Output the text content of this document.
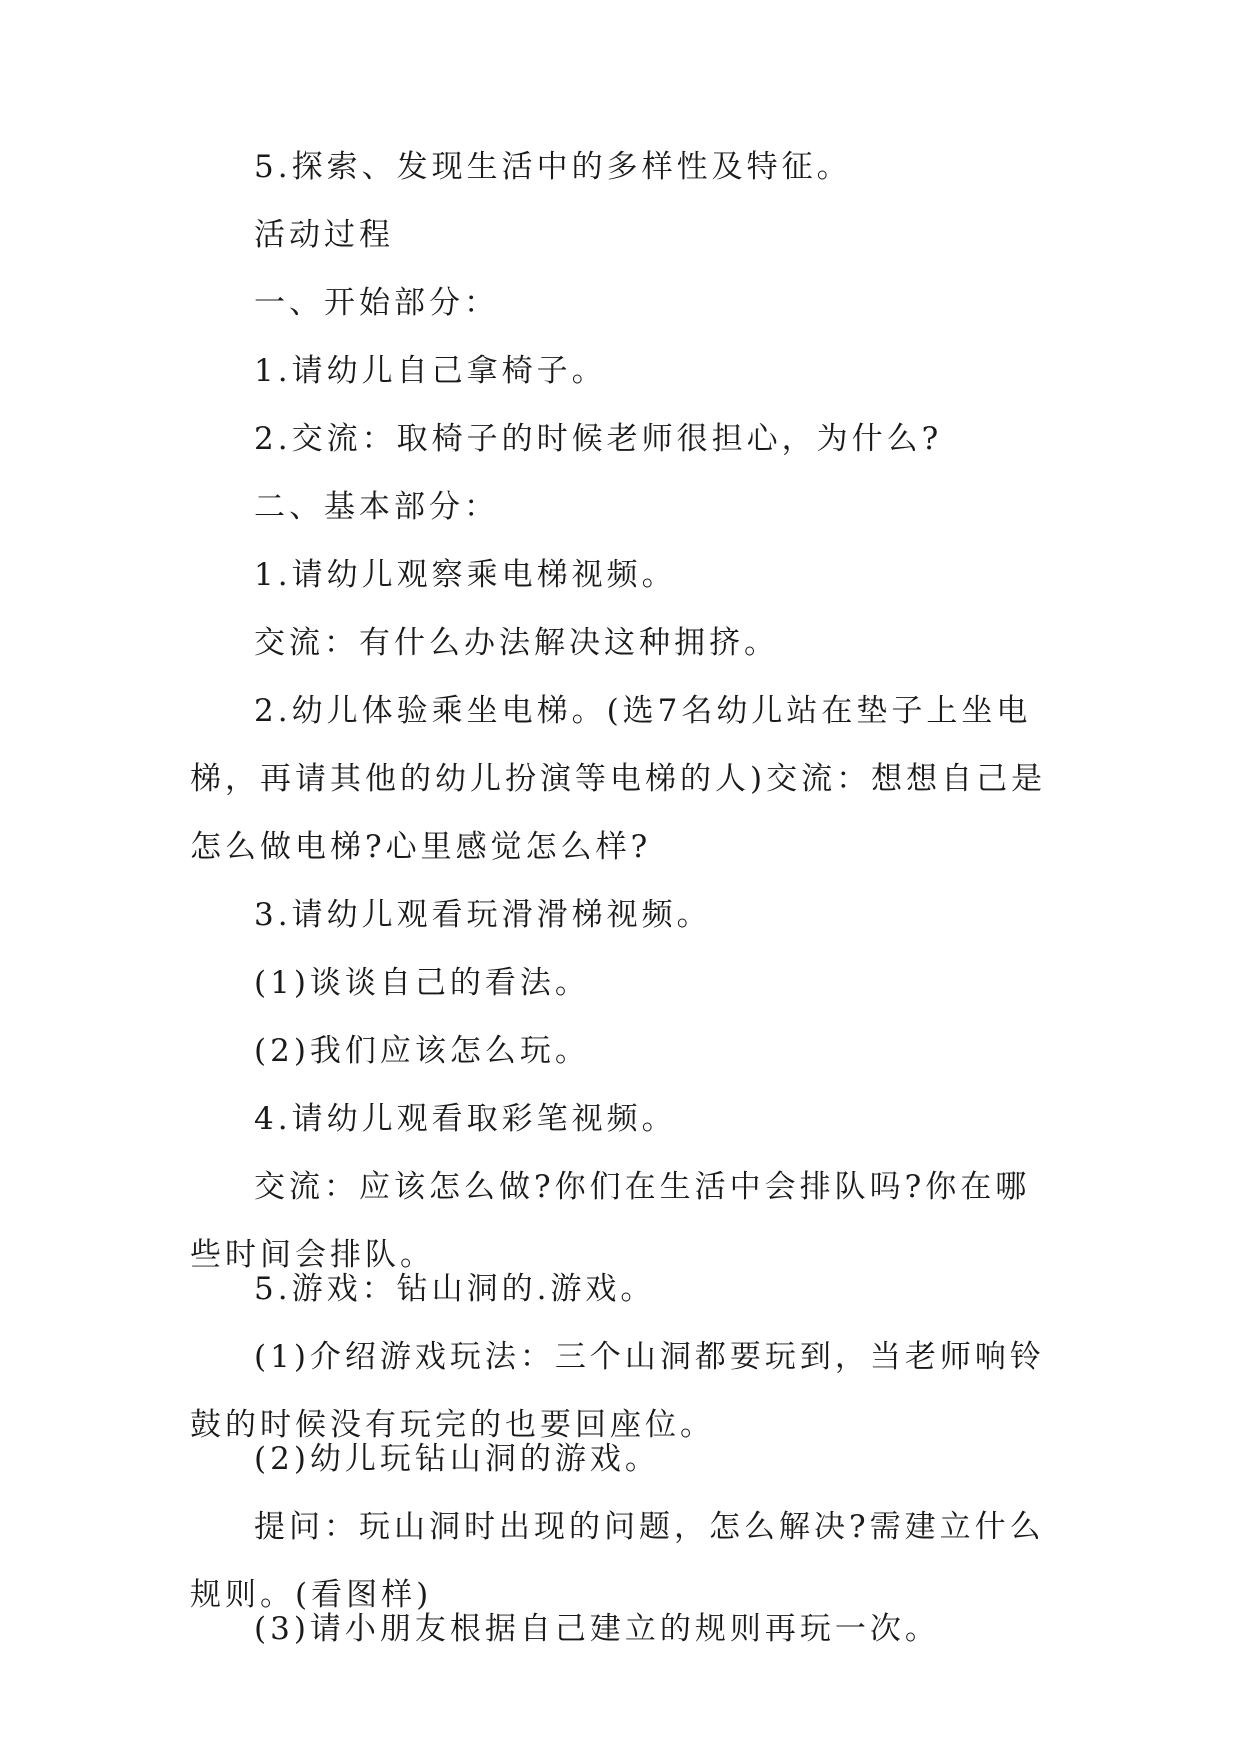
5.探索、发现生活中的多样性及特征。

活动过程

一、开始部分：

1.请幼儿自己拿椅子。

2.交流：取椅子的时候老师很担心，为什么?

二、基本部分：

1.请幼儿观察乘电梯视频。

交流：有什么办法解决这种拥挤。

2.幼儿体验乘坐电梯。(选7名幼儿站在垫子上坐电梯，再请其他的幼儿扮演等电梯的人)交流：想想自己是怎么做电梯?心里感觉怎么样?

3.请幼儿观看玩滑滑梯视频。

(1)谈谈自己的看法。

(2)我们应该怎么玩。

4.请幼儿观看取彩笔视频。

交流：应该怎么做?你们在生活中会排队吗?你在哪些时间会排队。

5.游戏：钻山洞的.游戏。

(1)介绍游戏玩法：三个山洞都要玩到，当老师响铃鼓的时候没有玩完的也要回座位。

(2)幼儿玩钻山洞的游戏。

提问：玩山洞时出现的问题，怎么解决?需建立什么规则。(看图样)

(3)请小朋友根据自己建立的规则再玩一次。
